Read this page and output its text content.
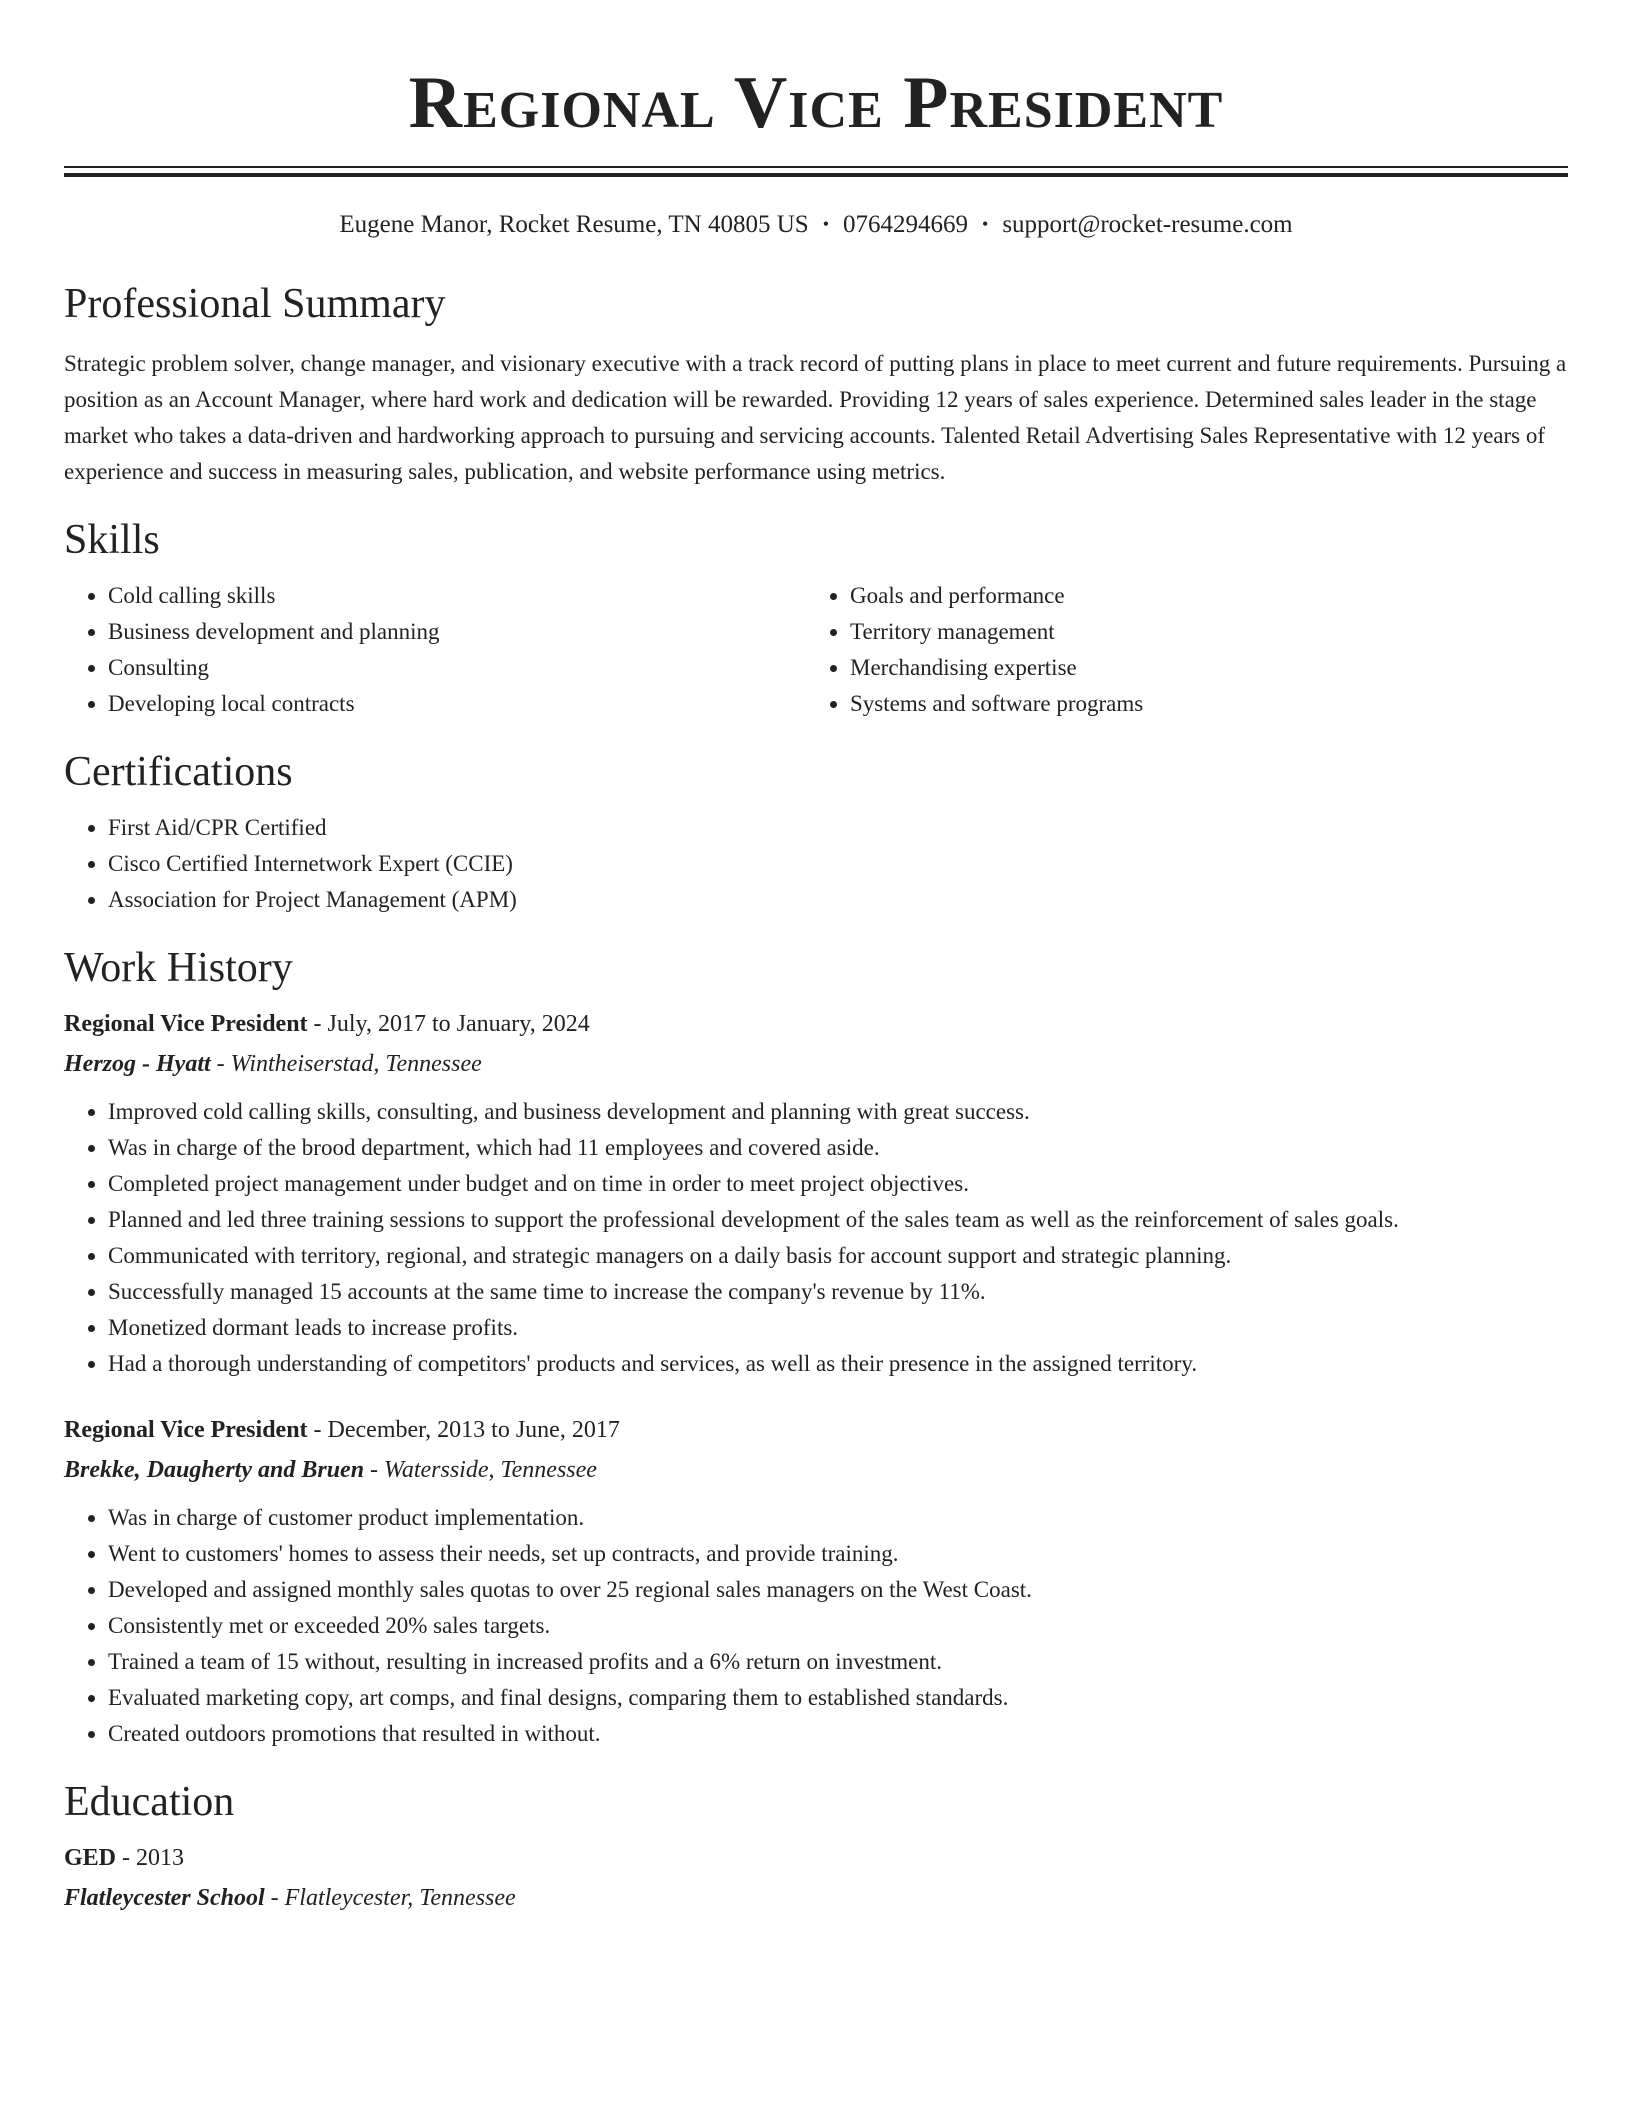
Regional Vice President
Eugene Manor, Rocket Resume, TN 40805 US • 0764294669 • support@rocket-resume.com
Professional Summary

Strategic problem solver, change manager, and visionary executive with a track record of putting plans in place to meet current and future requirements. Pursuing a position as an Account Manager, where hard work and dedication will be rewarded. Providing 12 years of sales experience. Determined sales leader in the stage market who takes a data-driven and hardworking approach to pursuing and servicing accounts. Talented Retail Advertising Sales Representative with 12 years of experience and success in measuring sales, publication, and website performance using metrics.

Skills
• Cold calling skills
• Business development and planning
• Consulting
• Developing local contracts
• Goals and performance
• Territory management
• Merchandising expertise
• Systems and software programs
Certifications
• First Aid/CPR Certified
• Cisco Certified Internetwork Expert (CCIE)
• Association for Project Management (APM)
Work History
Regional Vice President - July, 2017 to January, 2024
Herzog - Hyatt - Wintheiserstad, Tennessee
• Improved cold calling skills, consulting, and business development and planning with great success.
• Was in charge of the brood department, which had 11 employees and covered aside.
• Completed project management under budget and on time in order to meet project objectives.
• Planned and led three training sessions to support the professional development of the sales team as well as the reinforcement of sales goals.
• Communicated with territory, regional, and strategic managers on a daily basis for account support and strategic planning.
• Successfully managed 15 accounts at the same time to increase the company's revenue by 11%.
• Monetized dormant leads to increase profits.
• Had a thorough understanding of competitors' products and services, as well as their presence in the assigned territory.
Regional Vice President - December, 2013 to June, 2017
Brekke, Daugherty and Bruen - Watersside, Tennessee
• Was in charge of customer product implementation.
• Went to customers' homes to assess their needs, set up contracts, and provide training.
• Developed and assigned monthly sales quotas to over 25 regional sales managers on the West Coast.
• Consistently met or exceeded 20% sales targets.
• Trained a team of 15 without, resulting in increased profits and a 6% return on investment.
• Evaluated marketing copy, art comps, and final designs, comparing them to established standards.
• Created outdoors promotions that resulted in without.
Education
GED - 2013
Flatleycester School - Flatleycester, Tennessee
